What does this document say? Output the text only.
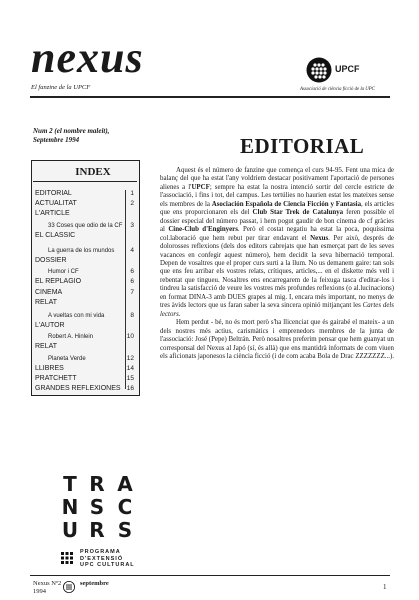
nexus
El fanzine de la UPCF
UPCF
Associació de ciència ficció de la UPC
Num 2 (el nombre maleit),
Septembre 1994	EDITORIAL
INDEX
EDITORIAL	1
ACTUALITAT	2
L'ARTICLE
33 Coses que odio de la CF	3
EL CLASSIC
La guerra de los mundos	4
DOSSIER
Humor i CF	6
EL REPLAGIO	6
CINEMA	7
RELAT
A vueltas con mi vida	8
L'AUTOR
Robert A. Hinlein	10
RELAT
Planeta Verde	12
LLIBRES	14
PRATCHETT	15
GRANDES REFLEXIONES 16
T R A
N S C
U R S
PROGRAMA
D'EXTENSIÓ
UPC CULTURAL

Aquest és el número de fanzine que comença el curs 94-95. Fent una mica de balanç del que ha estat l'any voldriem destacar positivament l'aportació de persones alienes a l'UPCF; sempre ha estat la nostra intenció sortir del cercle estricte de l'associació, i fins i tot, del campus. Les tertúlies no haurien estat les mateixes sense els membres de la Asociación Española de Ciencia Ficción y Fantasia, els articles que ens proporcionaren els del Club Star Trek de Catalunya feren possible el dossier especial del número passat, i hem pogut gaudir de bon cinema de cf gràcies al Cine-Club d'Enginyers. Però el costat negatiu ha estat la poca, poquíssima col.laboració que hem rebut per tirar endavant el Nexus. Per això, després de dolorosses reflexions (dels dos editors cabrejats que han esmerçat part de les seves vacances en confegir aquest número), hem decidit la seva hibernació temporal. Depen de vosaltres que el proper curs surti a la llum. No us demanem gaire: tan sols que ens feu arribar els vostres relats, crítiques, articles,... en el diskette més vell i rebentat que tingueu. Nosaltres ens encarregarem de la feixuga tasca d'editar-los i tindreu la satisfacció de veure les vostres més profundes reflexions (o al.lucinacions) en format DINA-3 amb DUES grapes al mig. I, encara més important, no menys de tres àvids lectors que us faran saber la seva sincera opinió mitjançant les Cartes dels lectors.

Hem perdut - bé, no és mort però s'ha llicenciat que és gairabé el mateix- a un dels nostres més actius, carismàtics i emprenedors membres de la junta de l'associació: José (Pepe) Beltrán. Però nosaltres preferim pensar que hem guanyat un corresponsal del Nexus al Japó (sí, és allà) que ens mantidrà informats de com viuen els aficionats japonesos la ciència ficció (i de com acaba Bola de Drac ZZZZZZZ...).

Nexus Nº2
1994
septembre	1
